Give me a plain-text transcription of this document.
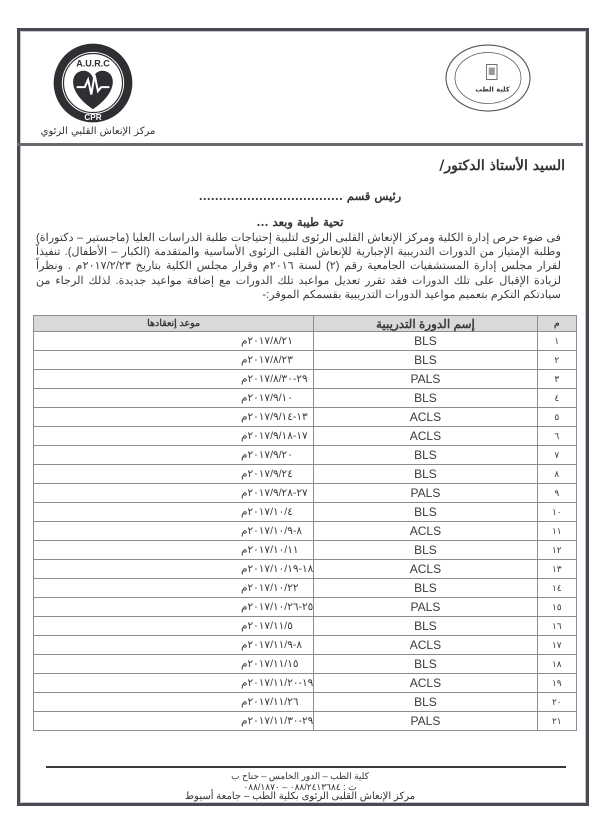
A.U.R.C
CPR
مركز الإنعاش القلبي الرئوي
كلية الطب
السيد الأستاذ الدكتور/
رئيس قسم ....................................
تحية طيبة وبعد ...
فى ضوء حرص إدارة الكلية ومركز الإنعاش القلبى الرئوى لتلبية إحتياجات طلبة الدراسات العليا (ماجستير – دكتوراة) وطلبة الإمتياز من الدورات التدريبية الإجبارية للإنعاش القلبى الرئوى الأساسية والمتقدمة (الكبار – الأطفال). تنفيذاً لقرار مجلس إدارة المستشفيات الجامعية رقم (٢) لسنة ٢٠١٦م وقرار مجلس الكلية بتاريخ ٢٠١٧/٢/٢٣م . ونظراً لزيادة الإقبال على تلك الدورات فقد تقرر تعديل مواعيد تلك الدورات مع إضافة مواعيد جديدة. لذلك الرجاء من سيادتكم التكرم بتعميم مواعيد الدورات التدريبية بقسمكم الموقر:-
م	إسم الدورة التدريبية	موعد إنعقادها
١	BLS	٢٠١٧/٨/٢١م

٢	BLS	٢٠١٧/٨/٢٣م

٣	PALS	٢٩-٢٠١٧/٨/٣٠م

٤	BLS	٢٠١٧/٩/١٠م

٥	ACLS	١٣-٢٠١٧/٩/١٤م

٦	ACLS	١٧-٢٠١٧/٩/١٨م

٧	BLS	٢٠١٧/٩/٢٠م

٨	BLS	٢٠١٧/٩/٢٤م

٩	PALS	٢٧-٢٠١٧/٩/٢٨م

١٠	BLS	٢٠١٧/١٠/٤م

١١	ACLS	٨-٢٠١٧/١٠/٩م

١٢	BLS	٢٠١٧/١٠/١١م

١٣	ACLS	١٨-٢٠١٧/١٠/١٩م

١٤	BLS	٢٠١٧/١٠/٢٢م

١٥	PALS	٢٥-٢٠١٧/١٠/٢٦م

١٦	BLS	٢٠١٧/١١/٥م

١٧	ACLS	٨-٢٠١٧/١١/٩م

١٨	BLS	٢٠١٧/١١/١٥م

١٩	ACLS	١٩-٢٠١٧/١١/٢٠م

٢٠	BLS	٢٠١٧/١١/٢٦م

٢١	PALS	٢٩-٢٠١٧/١١/٣٠م
كلية الطب – الدور الخامس – جناح ب
ت : ٠٨٨/٢٤١٣٦٨٤ – ٠٨٨/١٨٧٠
مركز الإنعاش القلبى الرئوى بكلية الطب – جامعة أسيوط
